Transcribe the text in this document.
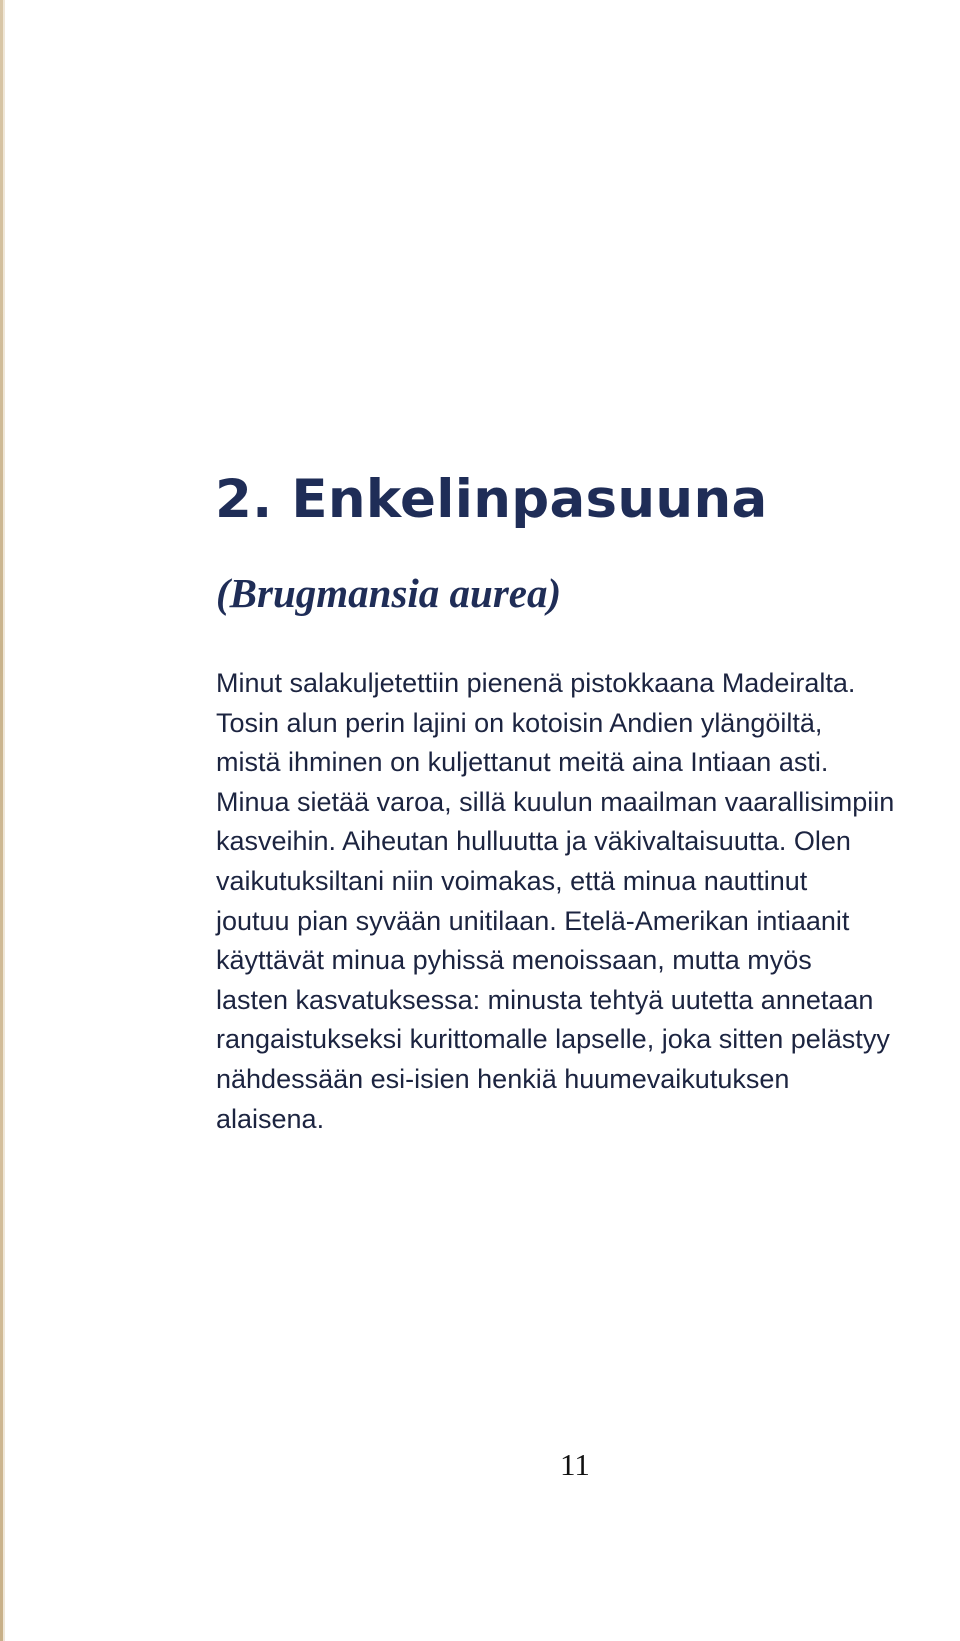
2. Enkelinpasuuna
(Brugmansia aurea)

Minut salakuljetettiin pienenä pistokkaana Madeiralta.
Tosin alun perin lajini on kotoisin Andien ylängöiltä,
mistä ihminen on kuljettanut meitä aina Intiaan asti.
Minua sietää varoa, sillä kuulun maailman vaarallisimpiin
kasveihin. Aiheutan hulluutta ja väkivaltaisuutta. Olen
vaikutuksiltani niin voimakas, että minua nauttinut
joutuu pian syvään unitilaan. Etelä-Amerikan intiaanit
käyttävät minua pyhissä menoissaan, mutta myös
lasten kasvatuksessa: minusta tehtyä uutetta annetaan
rangaistukseksi kurittomalle lapselle, joka sitten pelästyy
nähdessään esi-isien henkiä huumevaikutuksen
alaisena.

11
